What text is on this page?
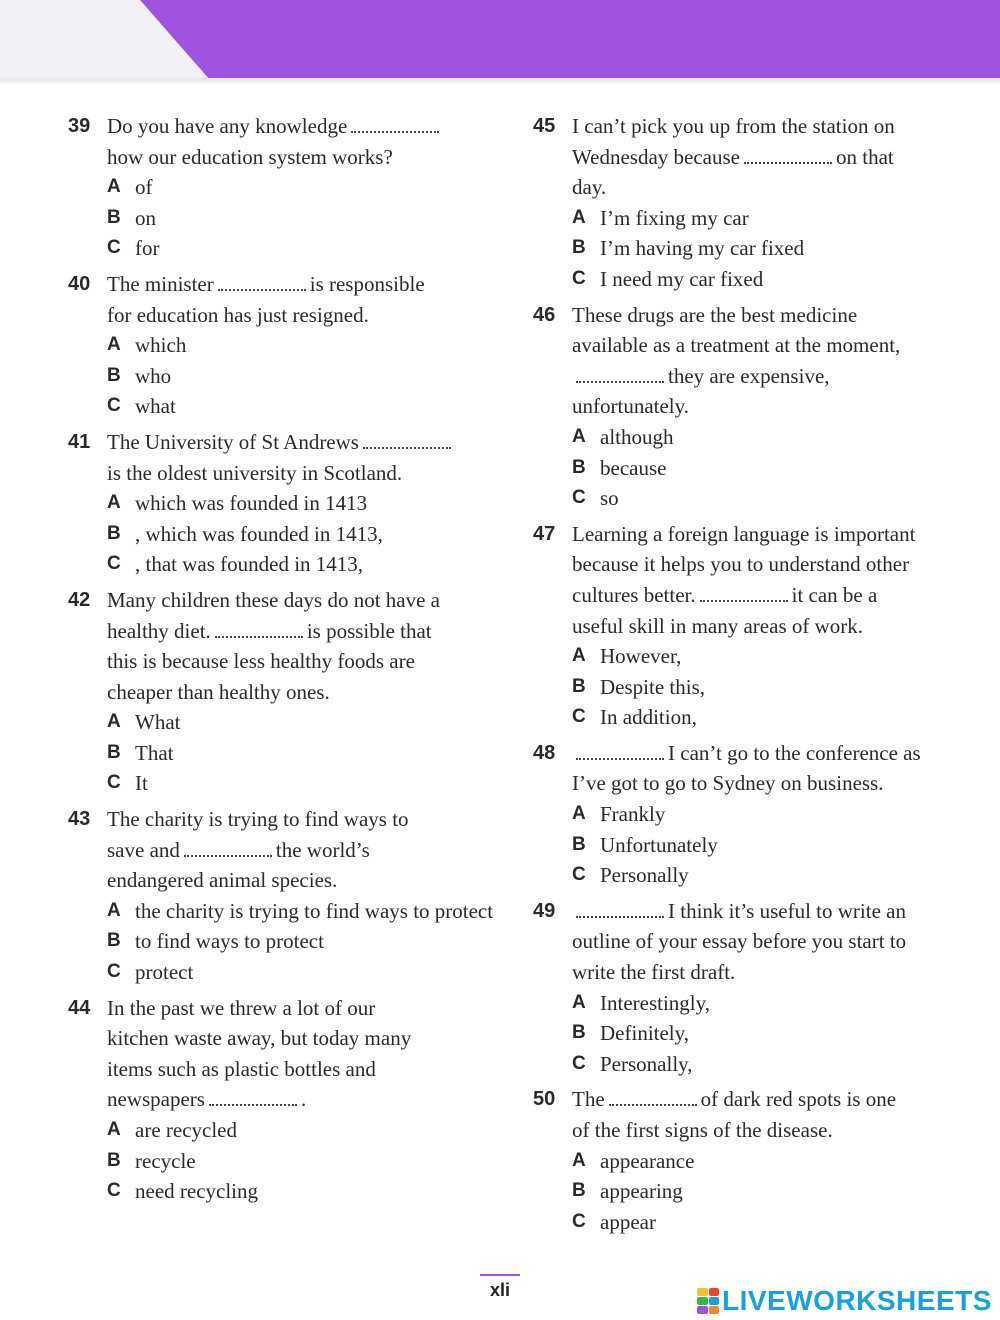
39 Do you have any knowledge
how our education system works?
A of
B on
C for
40 The minister	is responsible
for education has just resigned.
A which
B who
C what
41 The University of St Andrews
is the oldest university in Scotland.
A which was founded in 1413
B , which was founded in 1413,
C , that was founded in 1413,
42 Many children these days do not have a
healthy diet.	is possible that
this is because less healthy foods are
cheaper than healthy ones.
A What
B That
C It
43 The charity is trying to find ways to
save and	the world’s
endangered animal species.
A the charity is trying to find ways to protect
B to find ways to protect
C protect
44 In the past we threw a lot of our
kitchen waste away, but today many
items such as plastic bottles and
newspapers	.
A are recycled
B recycle
C need recycling
45 I can’t pick you up from the station on
Wednesday because	on that
day.
A I’m fixing my car
B I’m having my car fixed
C I need my car fixed
46 These drugs are the best medicine
available as a treatment at the moment,
they are expensive,
unfortunately.
A although
B because
C so
47 Learning a foreign language is important
because it helps you to understand other
cultures better.	it can be a
useful skill in many areas of work.
A However,
B Despite this,
C In addition,
48	I can’t go to the conference as
I’ve got to go to Sydney on business.
A Frankly
B Unfortunately
C Personally
49	I think it’s useful to write an
outline of your essay before you start to
write the first draft.
A Interestingly,
B Definitely,
C Personally,
50 The	of dark red spots is one
of the first signs of the disease.
A appearance
B appearing
C appear
xli	LIVEWORKSHEETS
